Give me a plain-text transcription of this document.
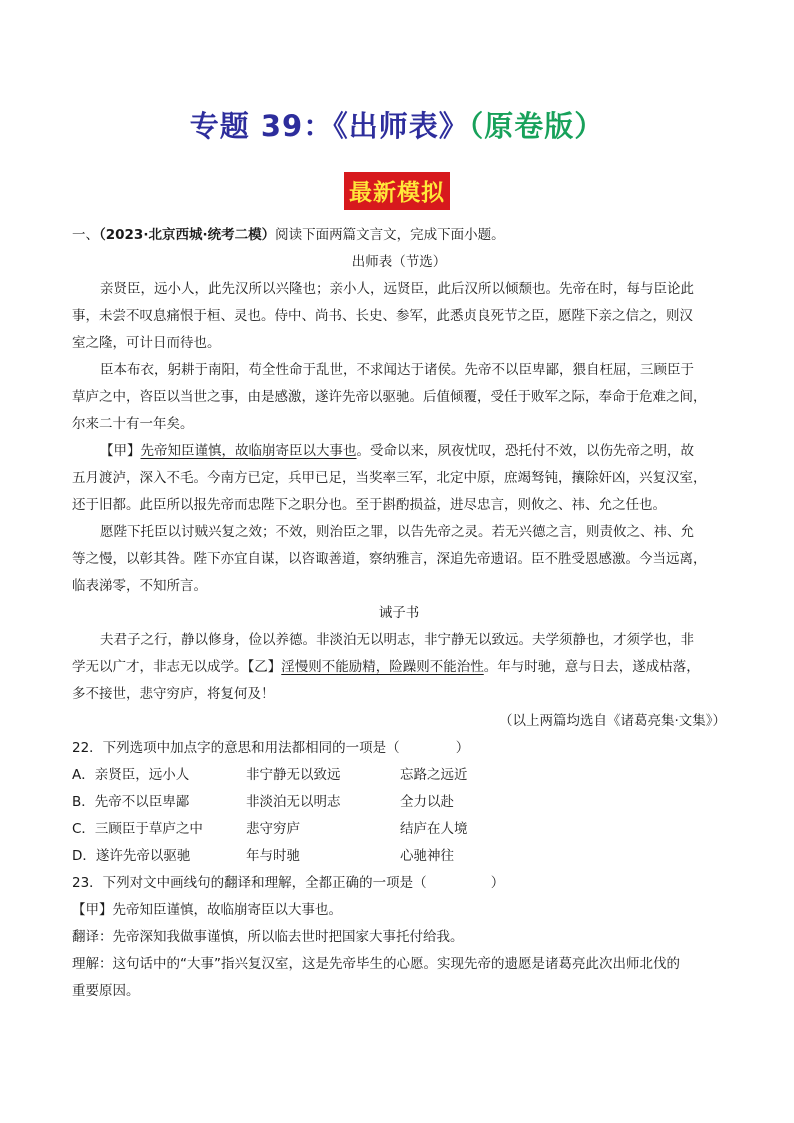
专题 39：《出师表》（原卷版）
最新模拟
一、（2023·北京西城·统考二模）阅读下面两篇文言文，完成下面小题。
出师表（节选）
亲贤臣，远小人，此先汉所以兴隆也；亲小人，远贤臣，此后汉所以倾颓也。先帝在时，每与臣论此
事，未尝不叹息痛恨于桓、灵也。侍中、尚书、长史、参军，此悉贞良死节之臣，愿陛下亲之信之，则汉
室之隆，可计日而待也。
臣本布衣，躬耕于南阳，苟全性命于乱世，不求闻达于诸侯。先帝不以臣卑鄙，猥自枉屈，三顾臣于
草庐之中，咨臣以当世之事，由是感激，遂许先帝以驱驰。后值倾覆，受任于败军之际，奉命于危难之间，
尔来二十有一年矣。
【甲】先帝知臣谨慎，故临崩寄臣以大事也。受命以来，夙夜忧叹，恐托付不效，以伤先帝之明，故
五月渡泸，深入不毛。今南方已定，兵甲已足，当奖率三军，北定中原，庶竭驽钝，攘除奸凶，兴复汉室，
还于旧都。此臣所以报先帝而忠陛下之职分也。至于斟酌损益，进尽忠言，则攸之、祎、允之任也。
愿陛下托臣以讨贼兴复之效；不效，则治臣之罪，以告先帝之灵。若无兴德之言，则责攸之、祎、允
等之慢，以彰其咎。陛下亦宜自谋，以咨诹善道，察纳雅言，深追先帝遗诏。臣不胜受恩感激。今当远离，
临表涕零，不知所言。
诫子书
夫君子之行，静以修身，俭以养德。非淡泊无以明志，非宁静无以致远。夫学须静也，才须学也，非
学无以广才，非志无以成学。【乙】淫慢则不能励精，险躁则不能治性。年与时驰，意与日去，遂成枯落，
多不接世，悲守穷庐，将复何及！
（以上两篇均选自《诸葛亮集·文集》）
22．下列选项中加点字的意思和用法都相同的一项是（	）
A．亲贤臣，远小人	非宁静无以致远	忘路之远近
B．先帝不以臣卑鄙	非淡泊无以明志	全力以赴
C．三顾臣于草庐之中	悲守穷庐	结庐在人境
D．遂许先帝以驱驰	年与时驰	心驰神往
23．下列对文中画线句的翻译和理解，全都正确的一项是（	）
【甲】先帝知臣谨慎，故临崩寄臣以大事也。
翻译：先帝深知我做事谨慎，所以临去世时把国家大事托付给我。
理解：这句话中的“大事”指兴复汉室，这是先帝毕生的心愿。实现先帝的遗愿是诸葛亮此次出师北伐的
重要原因。
